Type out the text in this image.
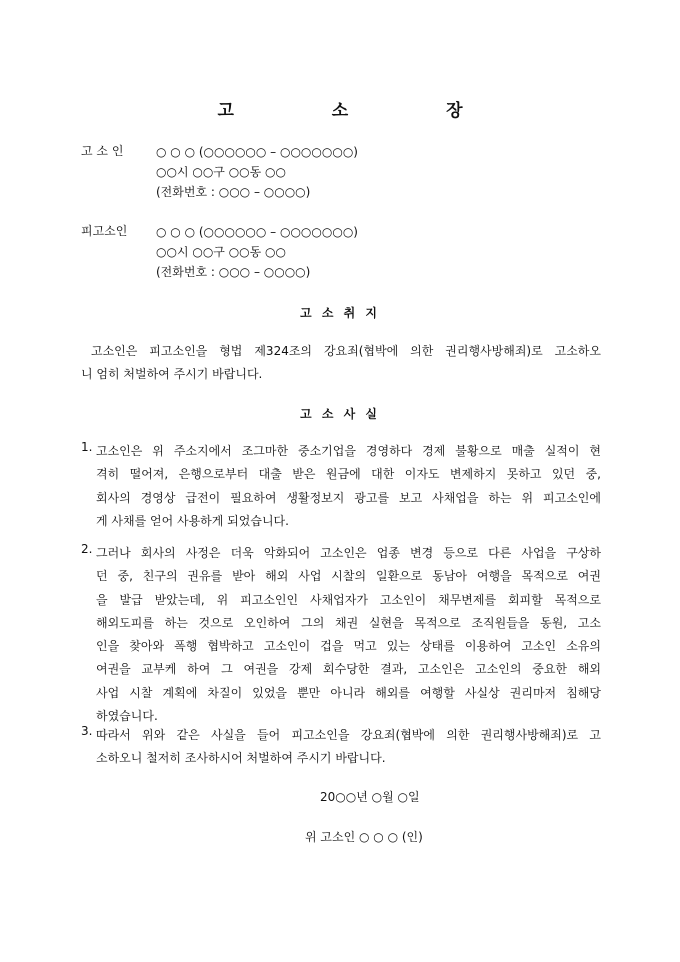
고 소 장
고 소 인	○ ○ ○ (○○○○○○ – ○○○○○○○)
○○시 ○○구 ○○동 ○○
(전화번호 : ○○○ – ○○○○)
피고소인 ○ ○ ○ (○○○○○○ – ○○○○○○○)
○○시 ○○구 ○○동 ○○
(전화번호 : ○○○ – ○○○○)
고 소 취 지
고소인은 피고소인을 형법 제324조의 강요죄(협박에 의한 권리행사방해죄)로 고소하오
니 엄히 처벌하여 주시기 바랍니다.
고 소 사 실
1. 고소인은 위 주소지에서 조그마한 중소기업을 경영하다 경제 불황으로 매출 실적이 현
격히 떨어져, 은행으로부터 대출 받은 원금에 대한 이자도 변제하지 못하고 있던 중,
회사의 경영상 급전이 필요하여 생활정보지 광고를 보고 사채업을 하는 위 피고소인에
게 사채를 얻어 사용하게 되었습니다.
2. 그러나 회사의 사정은 더욱 악화되어 고소인은 업종 변경 등으로 다른 사업을 구상하
던 중, 친구의 권유를 받아 해외 사업 시찰의 일환으로 동남아 여행을 목적으로 여권
을 발급 받았는데, 위 피고소인인 사채업자가 고소인이 채무변제를 회피할 목적으로
해외도피를 하는 것으로 오인하여 그의 채권 실현을 목적으로 조직원들을 동원, 고소
인을 찾아와 폭행 협박하고 고소인이 겁을 먹고 있는 상태를 이용하여 고소인 소유의
여권을 교부케 하여 그 여권을 강제 회수당한 결과, 고소인은 고소인의 중요한 해외
사업 시찰 계획에 차질이 있었을 뿐만 아니라 해외를 여행할 사실상 권리마저 침해당
하였습니다.
3. 따라서 위와 같은 사실을 들어 피고소인을 강요죄(협박에 의한 권리행사방해죄)로 고
소하오니 철저히 조사하시어 처벌하여 주시기 바랍니다.
20○○년 ○월 ○일
위 고소인 ○ ○ ○ (인)
